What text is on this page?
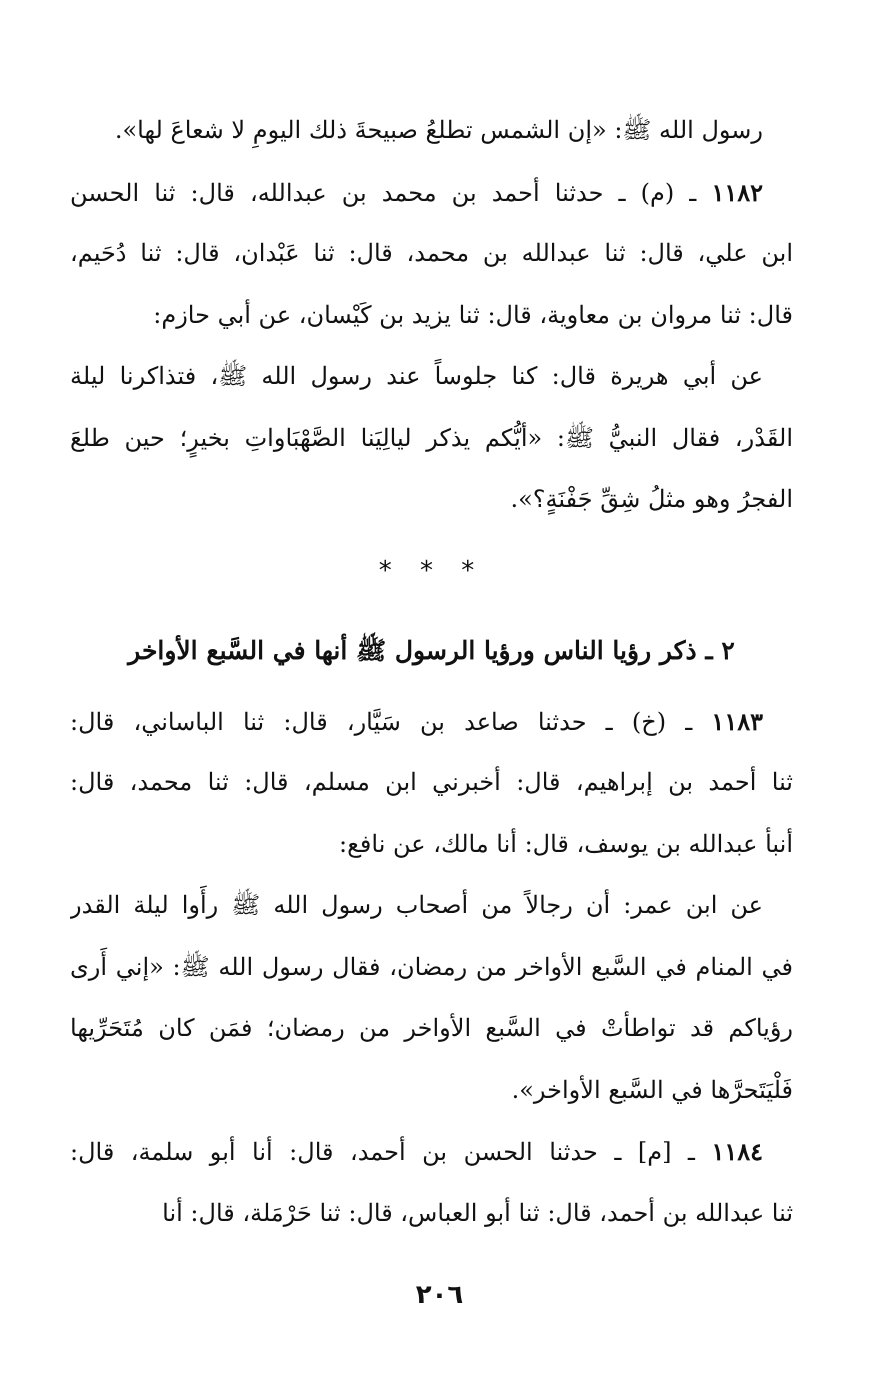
رسول الله ﷺ: «إن الشمس تطلعُ صبيحةَ ذلك اليومِ لا شعاعَ لها».
١١٨٢ ـ (م) ـ حدثنا أحمد بن محمد بن عبدالله، قال: ثنا الحسن
ابن علي، قال: ثنا عبدالله بن محمد، قال: ثنا عَبْدان، قال: ثنا دُحَيم،
قال: ثنا مروان بن معاوية، قال: ثنا يزيد بن كَيْسان، عن أبي حازم:
عن أبي هريرة قال: كنا جلوساً عند رسول الله ﷺ، فتذاكرنا ليلة
القَدْر، فقال النبيُّ ﷺ: «أيُّكم يذكر ليالِيَنا الصَّهْبَاواتِ بخيرٍ؛ حين طلعَ
الفجرُ وهو مثلُ شِقِّ جَفْنَةٍ؟».
* * *
٢ ـ ذكر رؤيا الناس ورؤيا الرسول ﷺ أنها في السَّبع الأواخر
١١٨٣ ـ (خ) ـ حدثنا صاعد بن سَيَّار، قال: ثنا الباساني، قال:
ثنا أحمد بن إبراهيم، قال: أخبرني ابن مسلم، قال: ثنا محمد، قال:
أنبأ عبدالله بن يوسف، قال: أنا مالك، عن نافع:
عن ابن عمر: أن رجالاً من أصحاب رسول الله ﷺ رأَوا ليلة القدر
في المنام في السَّبع الأواخر من رمضان، فقال رسول الله ﷺ: «إني أَرى
رؤياكم قد تواطأتْ في السَّبع الأواخر من رمضان؛ فمَن كان مُتَحَرِّيها
فَلْيَتَحرَّها في السَّبع الأواخر».
١١٨٤ ـ [م] ـ حدثنا الحسن بن أحمد، قال: أنا أبو سلمة، قال:
ثنا عبدالله بن أحمد، قال: ثنا أبو العباس، قال: ثنا حَرْمَلة، قال: أنا
٢٠٦
